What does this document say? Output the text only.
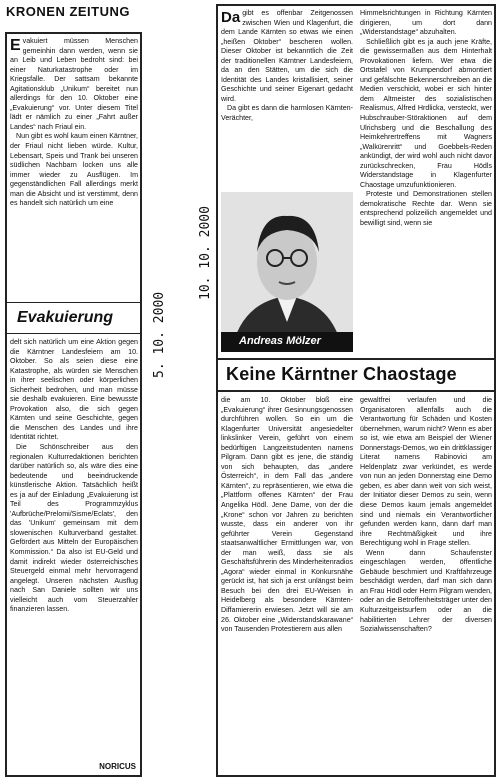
KRONEN ZEITUNG
E vakuiert müssen Menschen gemeinhin dann werden, wenn sie an Leib und Leben bedroht sind: bei einer Naturkatastrophe oder im Kriegsfalle. Der sattsam bekannte Agitationsklub „Unikum“ bereitet nun allerdings für den 10. Oktober eine „Evakuierung“ vor. Unter diesem Titel lädt er nämlich zu einer „Fahrt außer Landes“ nach Friaul ein.

Nun gibt es wohl kaum einen Kärntner, der Friaul nicht lieben würde. Kultur, Lebensart, Speis und Trank bei unseren südlichen Nachbarn locken uns alle immer wieder zu Ausflügen. Im gegenständlichen Fall allerdings merkt man die Absicht und ist verstimmt, denn es handelt sich natürlich um eine

Evakuierung

delt sich natürlich um eine Aktion gegen die Kärntner Landesfeiern am 10. Oktober. So als seien diese eine Katastrophe, als würden sie Menschen in ihrer seelischen oder körperlichen Sicherheit bedrohen, und man müsse sie deshalb evakuieren. Eine bewusste Provokation also, die sich gegen Kärnten und seine Geschichte, gegen die Menschen des Landes und ihre Identität richtet.

Die Schönschreiber aus den regionalen Kulturredaktionen berichten darüber natürlich so, als wäre dies eine bedeutende und beeindruckende künstlerische Aktion. Tatsächlich heißt es ja auf der Einladung „Evakuierung ist Teil des Programmzyklus 'Aufbrüche/Prelomi/Sisme/Eclats', den das 'Unikum' gemeinsam mit dem slowenischen Kulturverband gestaltet. Gefördert aus Mitteln der Europäischen Kommission.“ Da also ist EU-Geld und damit indirekt wieder österreichisches Steuergeld einmal mehr hervorragend angelegt. Unseren nächsten Ausflug nach San Daniele sollten wir uns vielleicht auch vom Steuerzahler finanzieren lassen.

NORICUS
5. 10. 2000
10. 10. 2000
Da gibt es offenbar Zeitgenossen zwischen Wien und Klagenfurt, die dem Lande Kärnten so etwas wie einen „heißen Oktober“ bescheren wollen. Dieser Oktober ist bekanntlich die Zeit der traditionellen Kärntner Landesfeiern, da an den Stätten, um die sich die Identität des Landes kristallisiert, seiner Geschichte und seiner Eigenart gedacht wird.

Da gibt es dann die harmlosen Kärnten-Verächter,

Andreas Mölzer

Himmelsrichtungen in Richtung Kärnten dirigieren, um dort dann „Widerstandstage“ abzuhalten.

Schließlich gibt es ja auch jene Kräfte, die gewissermaßen aus dem Hinterhalt Provokationen liefern. Wer etwa die Ortstafel von Krumpendorf abmontiert und gefälschte Bekennerschreiben an die Medien verschickt, wobei er sich hinter dem Altmeister des sozialistischen Realismus, Alfred Hrdlicka, versteckt, wer Hubschrauber-Störaktionen auf dem Ulrichsberg und die Beschallung des Heimkehrertreffens mit Wagners „Walkürenritt“ und Goebbels-Reden ankündigt, der wird wohl auch nicht davor zurückschrecken, Frau Hödls Widerstandstage in Klagenfurter Chaostage umzufunktionieren.

Proteste und Demonstrationen stellen demokratische Rechte dar. Wenn sie entsprechend polizeilich angemeldet und bewilligt sind, wenn sie

Keine Kärntner Chaostage

die am 10. Oktober bloß eine „Evakuierung“ ihrer Gesinnungsgenossen durchführen wollen. So ein um die Klagenfurter Universität angesiedelter linkslinker Verein, geführt von einem bedürftigen Langzeitstudenten namens Pilgram. Dann gibt es jene, die ständig von sich behaupten, das „andere Österreich“, in dem Fall das „andere Kärnten“, zu repräsentieren, wie etwa die „Plattform offenes Kärnten“ der Frau Angelika Hödl. Jene Dame, von der die „Krone“ schon vor Jahren zu berichten wusste, dass ein anderer von ihr geführter Verein Gegenstand staatsanwaltlicher Ermittlungen war, von der man weiß, dass sie als Geschäftsführerin des Minderheitenradios „Agora“ wieder einmal in Konkursnähe gerückt ist, hat sich ja erst unlängst beim Besuch bei den drei EU-Weisen in Heidelberg als besondere Kärnten-Diffamiererin erwiesen. Jetzt will sie am 26. Oktober eine „Widerstandskarawane“ von Tausenden Protestierern aus allen

gewaltfrei verlaufen und die Organisatoren allenfalls auch die Verantwortung für Schäden und Kosten übernehmen, warum nicht? Wenn es aber so ist, wie etwa am Beispiel der Wiener Donnerstags-Demos, wo ein drittklassiger Literat namens Rabinovici am Heldenplatz zwar verkündet, es werde von nun an jeden Donnerstag eine Demo geben, es aber dann weit von sich weist, der Initiator dieser Demos zu sein, wenn diese Demos kaum jemals angemeldet sind und niemals ein Verantwortlicher gefunden werden kann, dann darf man ihre Rechtmäßigkeit und ihre Berechtigung wohl in Frage stellen.

Wenn dann Schaufenster eingeschlagen werden, öffentliche Gebäude beschmiert und Kraftfahrzeuge beschädigt werden, darf man sich dann an Frau Hödl oder Herrn Pilgram wenden, oder an die Betroffenheitsträger unter den Kulturzeitgeistsurfern oder an die habilitierten Lehrer der diversen Sozialwissenschaften?
